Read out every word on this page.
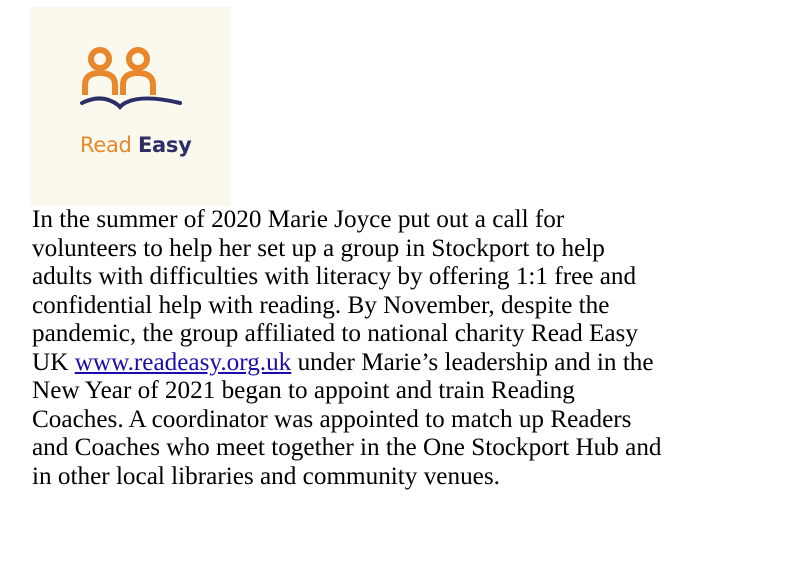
Read Easy

In the summer of 2020 Marie Joyce put out a call for
volunteers to help her set up a group in Stockport to help
adults with difficulties with literacy by offering 1:1 free and
confidential help with reading. By November, despite the
pandemic, the group affiliated to national charity Read Easy
UK www.readeasy.org.uk under Marie’s leadership and in the
New Year of 2021 began to appoint and train Reading
Coaches. A coordinator was appointed to match up Readers
and Coaches who meet together in the One Stockport Hub and
in other local libraries and community venues.
